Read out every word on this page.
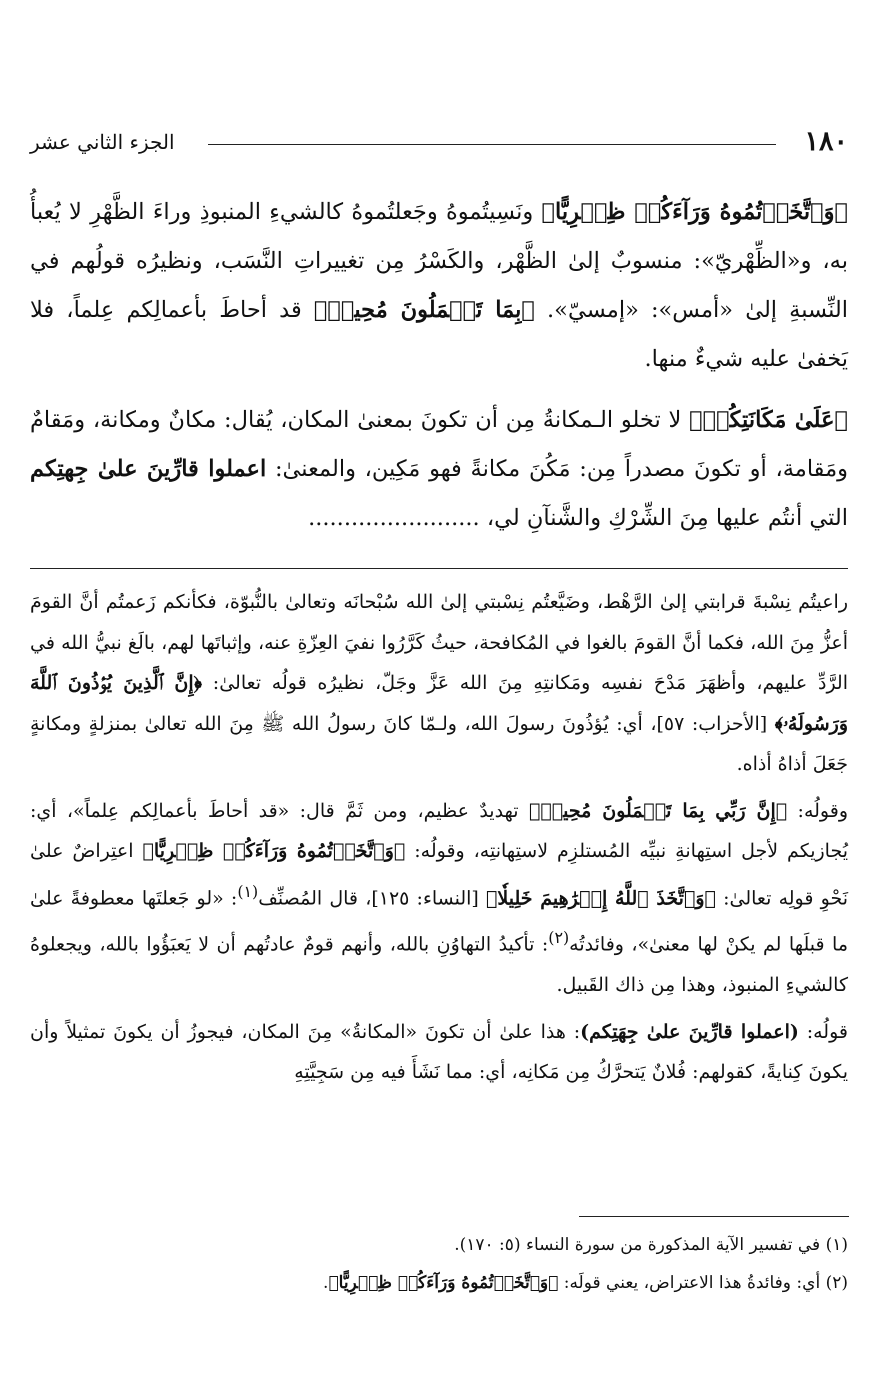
١٨٠
الجزء الثاني عشر

﴿وَٱتَّخَذۡتُمُوهُ وَرَآءَكُمۡ ظِهۡرِيًّا﴾ ونَسِيتُموهُ وجَعلتُموهُ كالشيءِ المنبوذِ وراءَ الظَّهْرِ لا يُعبأُ به، و«الظِّهْريّ»: منسوبٌ إلىٰ الظَّهْر، والكَسْرُ مِن تغييراتِ النَّسَب، ونظيرُه قولُهم في النِّسبةِ إلىٰ «أمس»: «إمسيّ». ﴿بِمَا تَعۡمَلُونَ مُحِيطٞ﴾ قد أحاطَ بأعمالِكم عِلماً، فلا يَخفىٰ عليه شيءٌ منها.

﴿عَلَىٰ مَكَانَتِكُمۡ﴾ لا تخلو الـمكانةُ مِن أن تكونَ بمعنىٰ المكان، يُقال: مكانٌ ومكانة، ومَقامٌ ومَقامة، أو تكونَ مصدراً مِن: مَكُنَ مكانةً فهو مَكِين، والمعنىٰ: اعملوا قارِّينَ علىٰ جِهتِكم التي أنتُم عليها مِنَ الشِّرْكِ والشَّنآنِ لي، ........................

راعيتُم نِسْبةَ قرابتي إلىٰ الرَّهْط، وضَيَّعتُم نِسْبتي إلىٰ الله سُبْحانَه وتعالىٰ بالنُّبوّة، فكأنكم زَعمتُم أنَّ القومَ أعزُّ مِنَ الله، فكما أنَّ القومَ بالغوا في المُكافحة، حيثُ كَرَّرُوا نفيَ العِزّةِ عنه، وإثباتَها لهم، بالَغ نبيُّ الله في الرَّدِّ عليهم، وأظهَرَ مَدْحَ نفسِه ومَكانتِهِ مِنَ الله عَزَّ وجَلّ، نظيرُه قولُه تعالىٰ: ﴿إِنَّ ٱلَّذِينَ يُؤۡذُونَ ٱللَّهَ وَرَسُولَهُۥ﴾ [الأحزاب: ٥٧]، أي: يُؤذُونَ رسولَ الله، ولـمّا كانَ رسولُ الله ﷺ مِنَ الله تعالىٰ بمنزلةٍ ومكانةٍ جَعَلَ أذاهُ أذاه.

وقولُه: ﴿إِنَّ رَبِّي بِمَا تَعۡمَلُونَ مُحِيطٞ﴾ تهديدٌ عظيم، ومن ثَمَّ قال: «قد أحاطَ بأعمالِكم عِلماً»، أي: يُجازيكم لأجل استِهانةِ نبيِّه المُستلزِم لاستِهانتِه، وقولُه: ﴿وَٱتَّخَذۡتُمُوهُ وَرَآءَكُمۡ ظِهۡرِيًّا﴾ اعتِراضٌ علىٰ نَحْوِ قولِه تعالىٰ: ﴿وَٱتَّخَذَ ٱللَّهُ إِبۡرَٰهِيمَ خَلِيلٗا﴾ [النساء: ١٢٥]، قال المُصنِّف$^{(١)}$: «لو جَعلتَها معطوفةً علىٰ ما قبلَها لم يكنْ لها معنىٰ»، وفائدتُه$^{(٢)}$: تأكيدُ التهاوُنِ بالله، وأنهم قومٌ عادتُهم أن لا يَعبَؤُوا بالله، ويجعلوهُ كالشيءِ المنبوذ، وهذا مِن ذاك القَبيل.

قولُه: (اعملوا قارِّينَ علىٰ جِهَتِكم): هذا علىٰ أن تكونَ «المكانةُ» مِنَ المكان، فيجوزُ أن يكونَ تمثيلاً وأن يكونَ كِنايةً، كقولهم: فُلانٌ يَتحرَّكُ مِن مَكانِه، أي: مما نَشَأَ فيه مِن سَجِيَّتِهِ

(١) في تفسير الآية المذكورة من سورة النساء (٥: ١٧٠).

(٢) أي: وفائدةُ هذا الاعتراض، يعني قولَه: ﴿وَٱتَّخَذۡتُمُوهُ وَرَآءَكُمۡ ظِهۡرِيًّا﴾.
